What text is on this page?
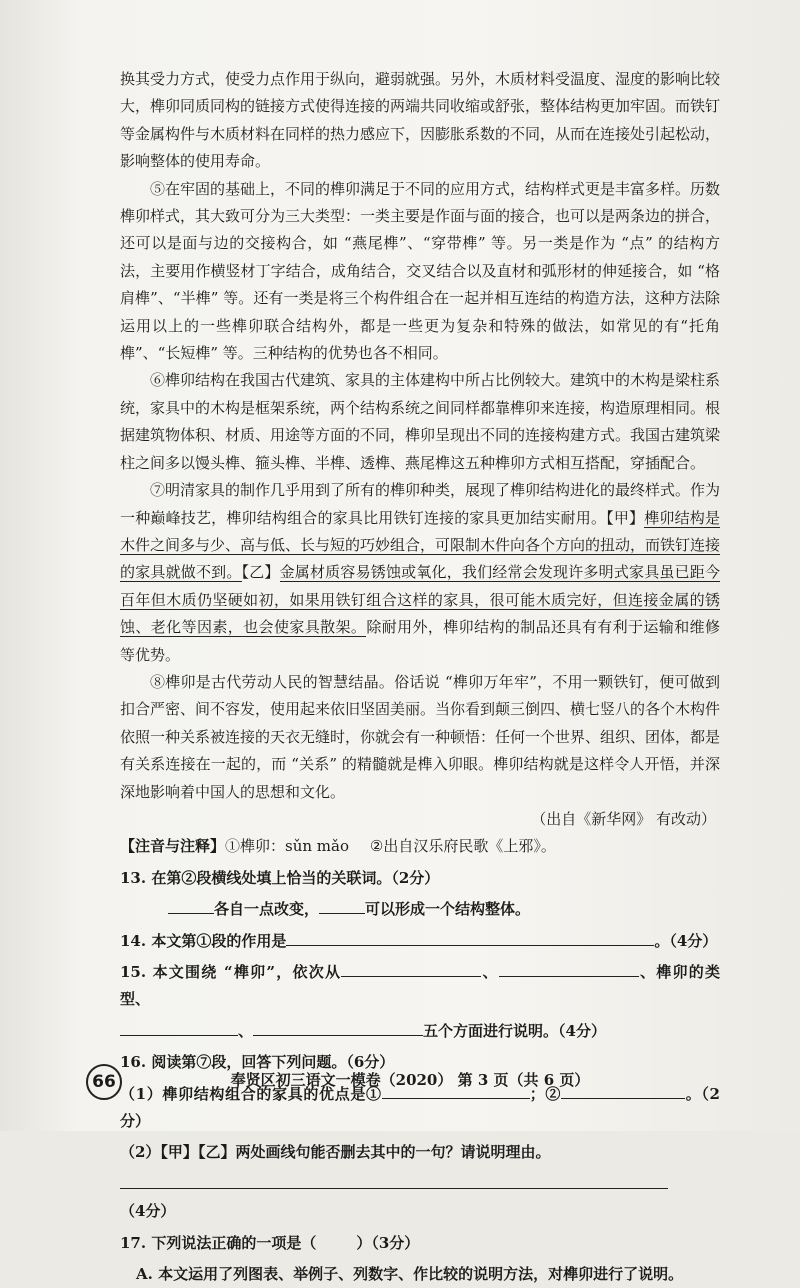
换其受力方式，使受力点作用于纵向，避弱就强。另外，木质材料受温度、湿度的影响比较大，榫卯同质同构的链接方式使得连接的两端共同收缩或舒张，整体结构更加牢固。而铁钉等金属构件与木质材料在同样的热力感应下，因膨胀系数的不同，从而在连接处引起松动，影响整体的使用寿命。

⑤在牢固的基础上，不同的榫卯满足于不同的应用方式，结构样式更是丰富多样。历数榫卯样式，其大致可分为三大类型：一类主要是作面与面的接合，也可以是两条边的拼合，还可以是面与边的交接构合，如 “燕尾榫”、“穿带榫” 等。另一类是作为 “点” 的结构方法，主要用作横竖材丁字结合，成角结合，交叉结合以及直材和弧形材的伸延接合，如 “格肩榫”、“半榫” 等。还有一类是将三个构件组合在一起并相互连结的构造方法，这种方法除运用以上的一些榫卯联合结构外，都是一些更为复杂和特殊的做法，如常见的有“托角榫”、“长短榫” 等。三种结构的优势也各不相同。

⑥榫卯结构在我国古代建筑、家具的主体建构中所占比例较大。建筑中的木构是梁柱系统，家具中的木构是框架系统，两个结构系统之间同样都靠榫卯来连接，构造原理相同。根据建筑物体积、材质、用途等方面的不同，榫卯呈现出不同的连接构建方式。我国古建筑梁柱之间多以馒头榫、箍头榫、半榫、透榫、燕尾榫这五种榫卯方式相互搭配，穿插配合。

⑦明清家具的制作几乎用到了所有的榫卯种类，展现了榫卯结构进化的最终样式。作为一种巅峰技艺，榫卯结构组合的家具比用铁钉连接的家具更加结实耐用。【甲】榫卯结构是木件之间多与少、高与低、长与短的巧妙组合，可限制木件向各个方向的扭动，而铁钉连接的家具就做不到。【乙】金属材质容易锈蚀或氧化，我们经常会发现许多明式家具虽已距今百年但木质仍坚硬如初，如果用铁钉组合这样的家具，很可能木质完好，但连接金属的锈蚀、老化等因素，也会使家具散架。除耐用外，榫卯结构的制品还具有有利于运输和维修等优势。

⑧榫卯是古代劳动人民的智慧结晶。俗话说 “榫卯万年牢”，不用一颗铁钉，便可做到扣合严密、间不容发，使用起来依旧坚固美丽。当你看到颠三倒四、横七竖八的各个木构件依照一种关系被连接的天衣无缝时，你就会有一种顿悟：任何一个世界、组织、团体，都是有关系连接在一起的，而 “关系” 的精髓就是榫入卯眼。榫卯结构就是这样令人开悟，并深深地影响着中国人的思想和文化。

（出自《新华网》 有改动）

【注音与注释】①榫卯：sǔn mǎo ②出自汉乐府民歌《上邪》。

13. 在第②段横线处填上恰当的关联词。（2分）

各自一点改变，	可以形成一个结构整体。

14. 本文第①段的作用是	。（4分）

15. 本文围绕 “榫卯”，依次从	、	、榫卯的类型、

、	五个方面进行说明。（4分）

16. 阅读第⑦段，回答下列问题。（6分）

（1）榫卯结构组合的家具的优点是①	；②	。（2分）

（2）【甲】【乙】两处画线句能否删去其中的一句？请说明理由。

（4分）

17. 下列说法正确的一项是（	）（3分）

A. 本文运用了列图表、举例子、列数字、作比较的说明方法，对榫卯进行了说明。

66	奉贤区初三语文一模卷（2020） 第 3 页（共 6 页）
